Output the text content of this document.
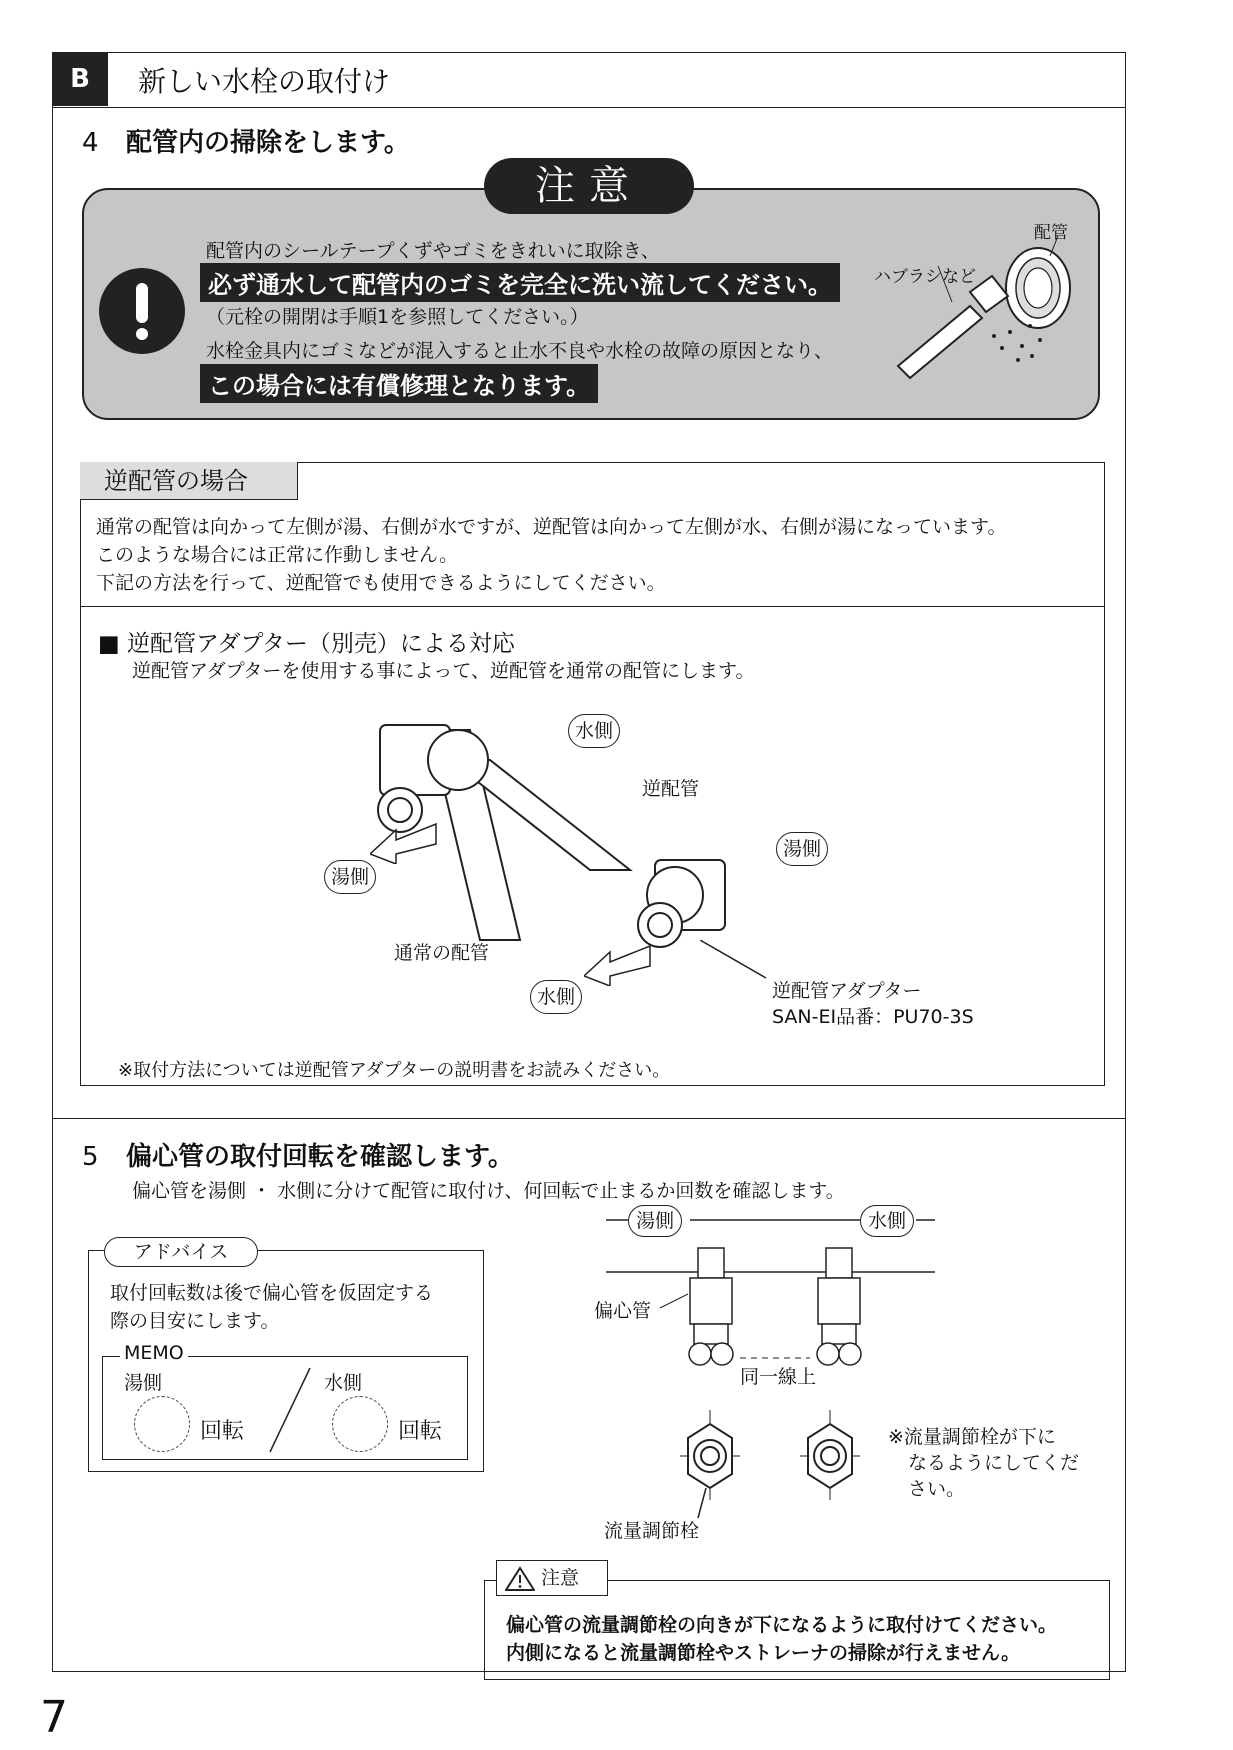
B	新しい水栓の取付け
4 配管内の掃除をします。
注意
配管内のシールテープくずやゴミをきれいに取除き、
必ず通水して配管内のゴミを完全に洗い流してください。
（元栓の開閉は手順1を参照してください。）
水栓金具内にゴミなどが混入すると止水不良や水栓の故障の原因となり、
この場合には有償修理となります。
配管
ハブラシなど
逆配管の場合
通常の配管は向かって左側が湯、右側が水ですが、逆配管は向かって左側が水、右側が湯になっています。
このような場合には正常に作動しません。
下記の方法を行って、逆配管でも使用できるようにしてください。
■ 逆配管アダプター（別売）による対応
逆配管アダプターを使用する事によって、逆配管を通常の配管にします。
水側
逆配管
湯側
湯側
通常の配管
水側	逆配管アダプター
SAN-EI品番：PU70-3S
※取付方法については逆配管アダプターの説明書をお読みください。
5 偏心管の取付回転を確認します。
偏心管を湯側 ・ 水側に分けて配管に取付け、何回転で止まるか回数を確認します。
アドバイス
取付回転数は後で偏心管を仮固定する
際の目安にします。
MEMO
湯側	水側
回転	回転
湯側	水側
偏心管
同一線上
※流量調節栓が下に
なるようにしてくだ
さい。
流量調節栓
注意
偏心管の流量調節栓の向きが下になるように取付けてください。
内側になると流量調節栓やストレーナの掃除が行えません。
7
